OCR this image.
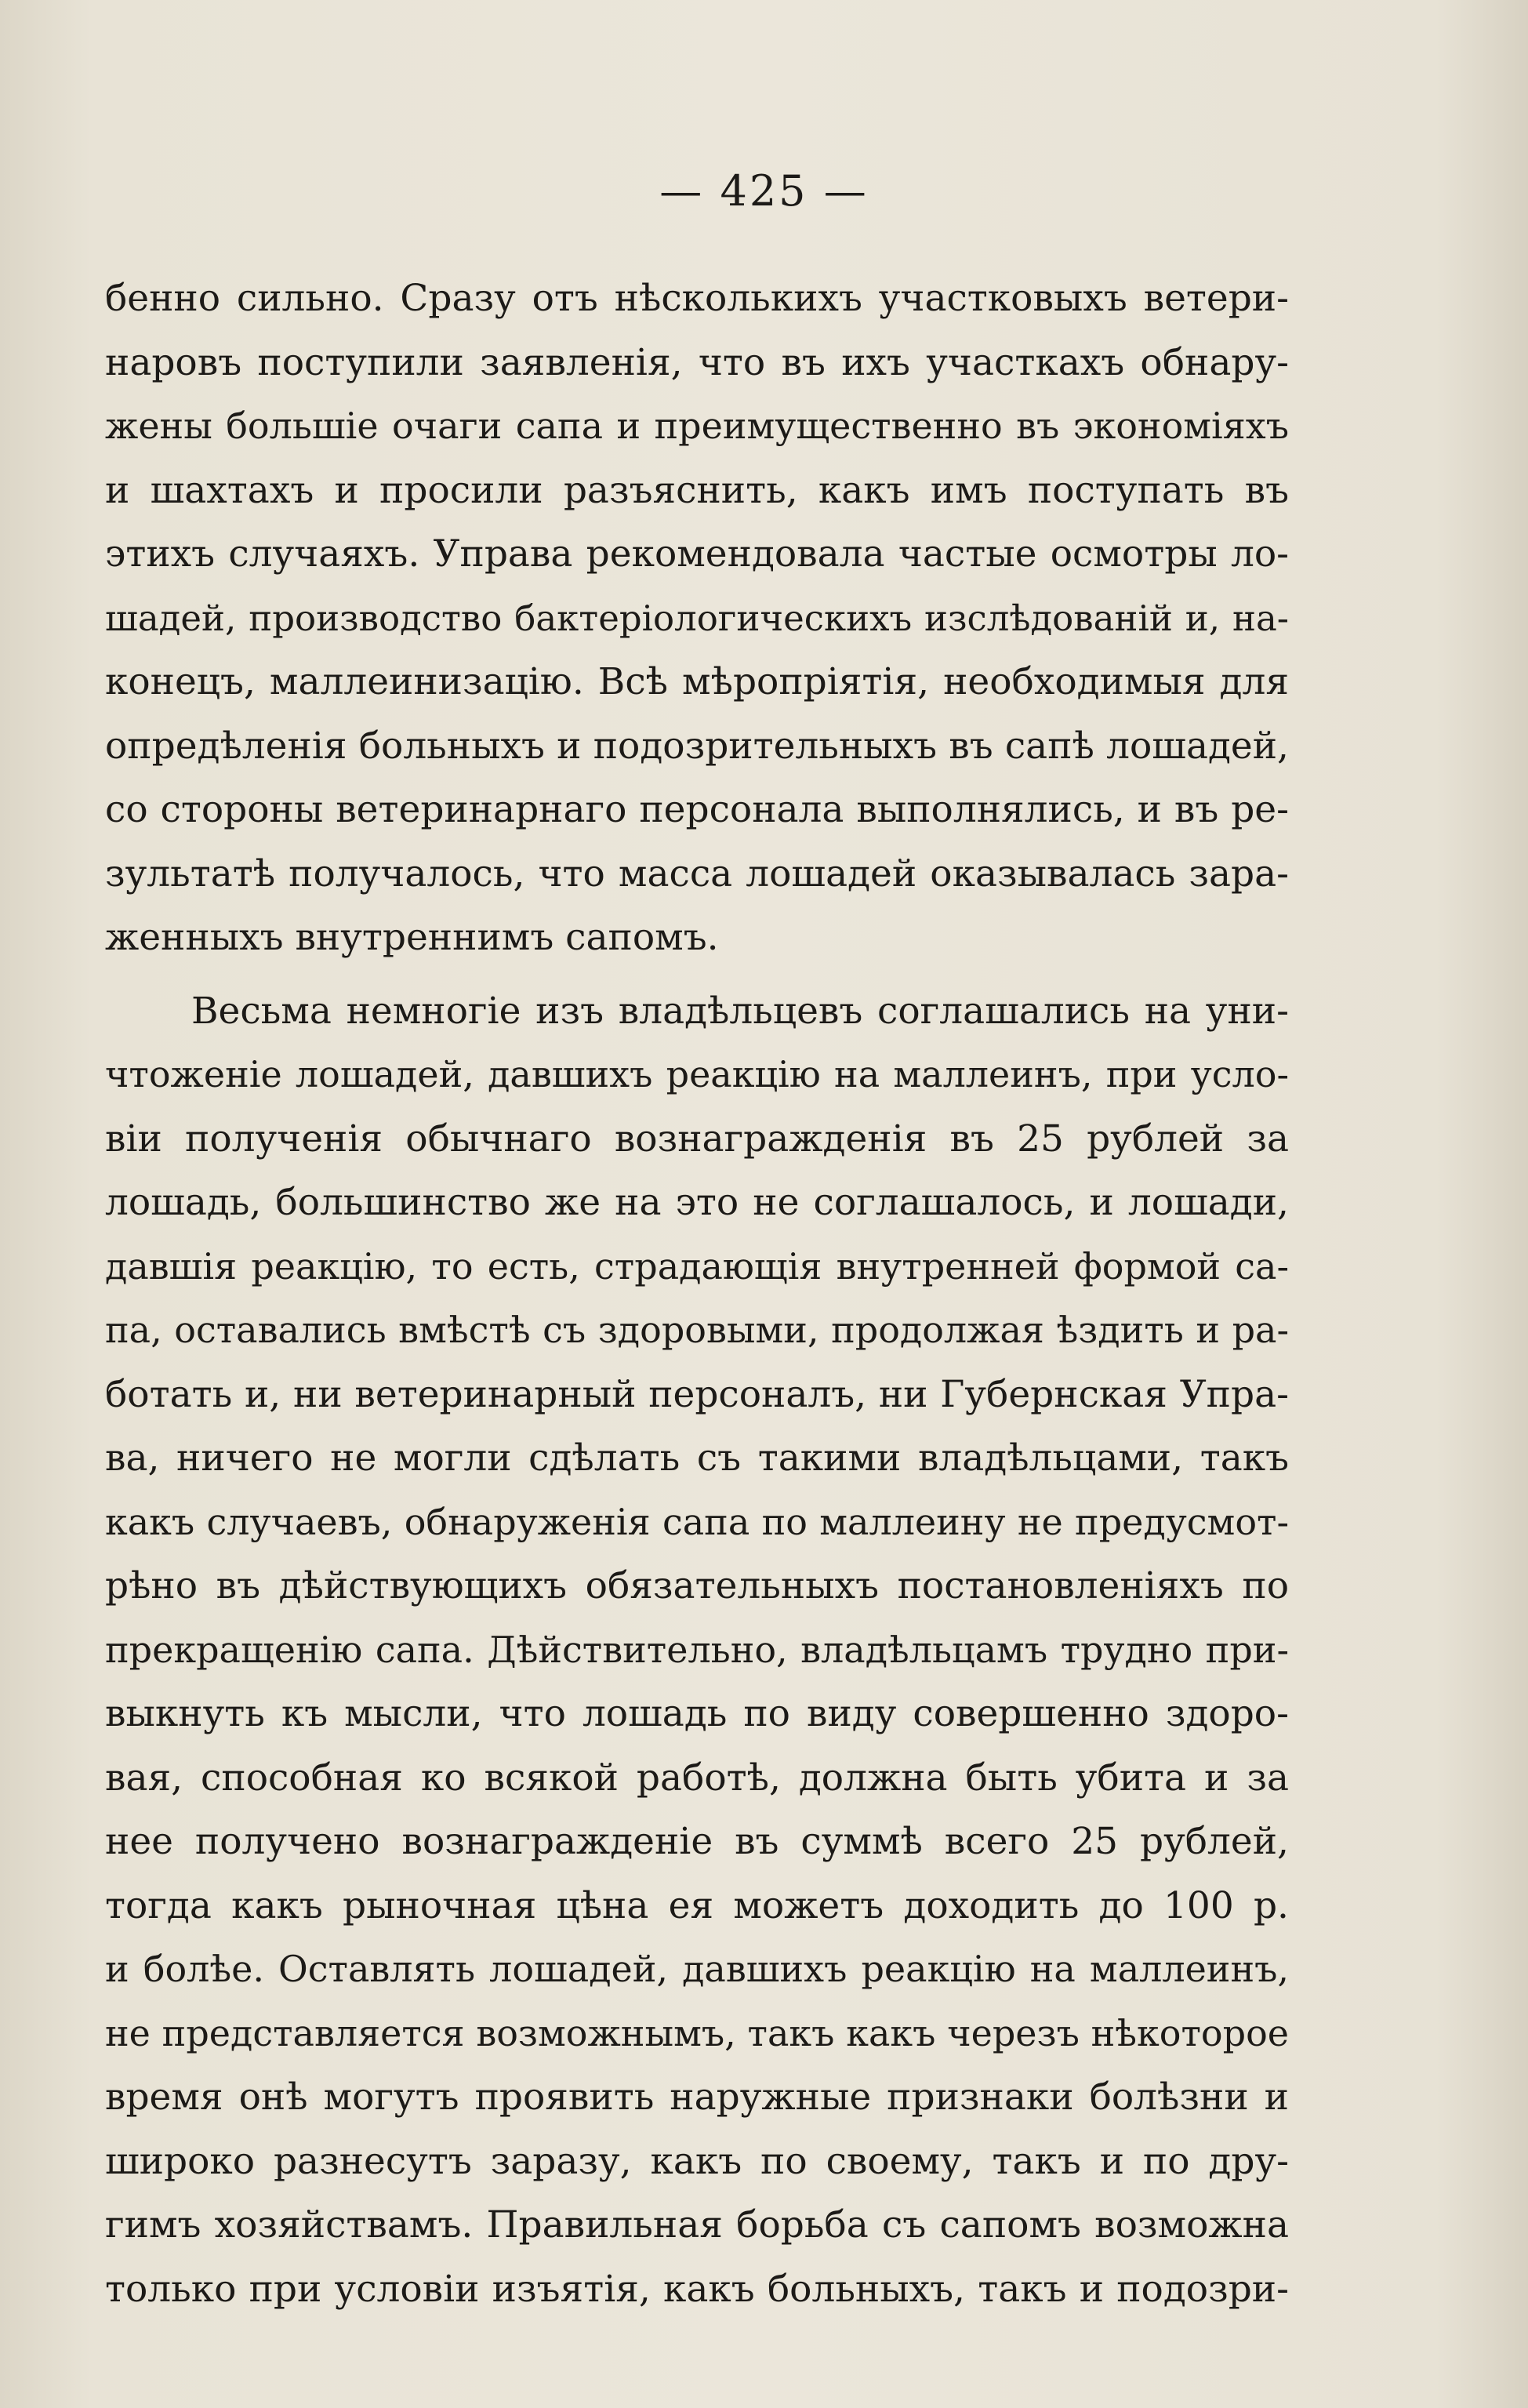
— 425 —
бенно сильно. Сразу отъ нѣсколькихъ участковыхъ ветери-
наровъ поступили заявленія, что въ ихъ участкахъ обнару-
жены большіе очаги сапа и преимущественно въ экономіяхъ
и шахтахъ и просили разъяснить, какъ имъ поступать въ
этихъ случаяхъ. Управа рекомендовала частые осмотры ло-
шадей, производство бактеріологическихъ изслѣдованій и, на-
конецъ, маллеинизацію. Всѣ мѣропріятія, необходимыя для
опредѣленія больныхъ и подозрительныхъ въ сапѣ лошадей,
со стороны ветеринарнаго персонала выполнялись, и въ ре-
зультатѣ получалось, что масса лошадей оказывалась зара-
женныхъ внутреннимъ сапомъ.
Весьма немногіе изъ владѣльцевъ соглашались на уни-
чтоженіе лошадей, давшихъ реакцію на маллеинъ, при усло-
віи полученія обычнаго вознагражденія въ 25 рублей за
лошадь, большинство же на это не соглашалось, и лошади,
давшія реакцію, то есть, страдающія внутренней формой са-
па, оставались вмѣстѣ съ здоровыми, продолжая ѣздить и ра-
ботать и, ни ветеринарный персоналъ, ни Губернская Упра-
ва, ничего не могли сдѣлать съ такими владѣльцами, такъ
какъ случаевъ, обнаруженія сапа по маллеину не предусмот-
рѣно въ дѣйствующихъ обязательныхъ постановленіяхъ по
прекращенію сапа. Дѣйствительно, владѣльцамъ трудно при-
выкнуть къ мысли, что лошадь по виду совершенно здоро-
вая, способная ко всякой работѣ, должна быть убита и за
нее получено вознагражденіе въ суммѣ всего 25 рублей,
тогда какъ рыночная цѣна ея можетъ доходить до 100 р.
и болѣе. Оставлять лошадей, давшихъ реакцію на маллеинъ,
не представляется возможнымъ, такъ какъ черезъ нѣкоторое
время онѣ могутъ проявить наружные признаки болѣзни и
широко разнесутъ заразу, какъ по своему, такъ и по дру-
гимъ хозяйствамъ. Правильная борьба съ сапомъ возможна
только при условіи изъятія, какъ больныхъ, такъ и подозри-
